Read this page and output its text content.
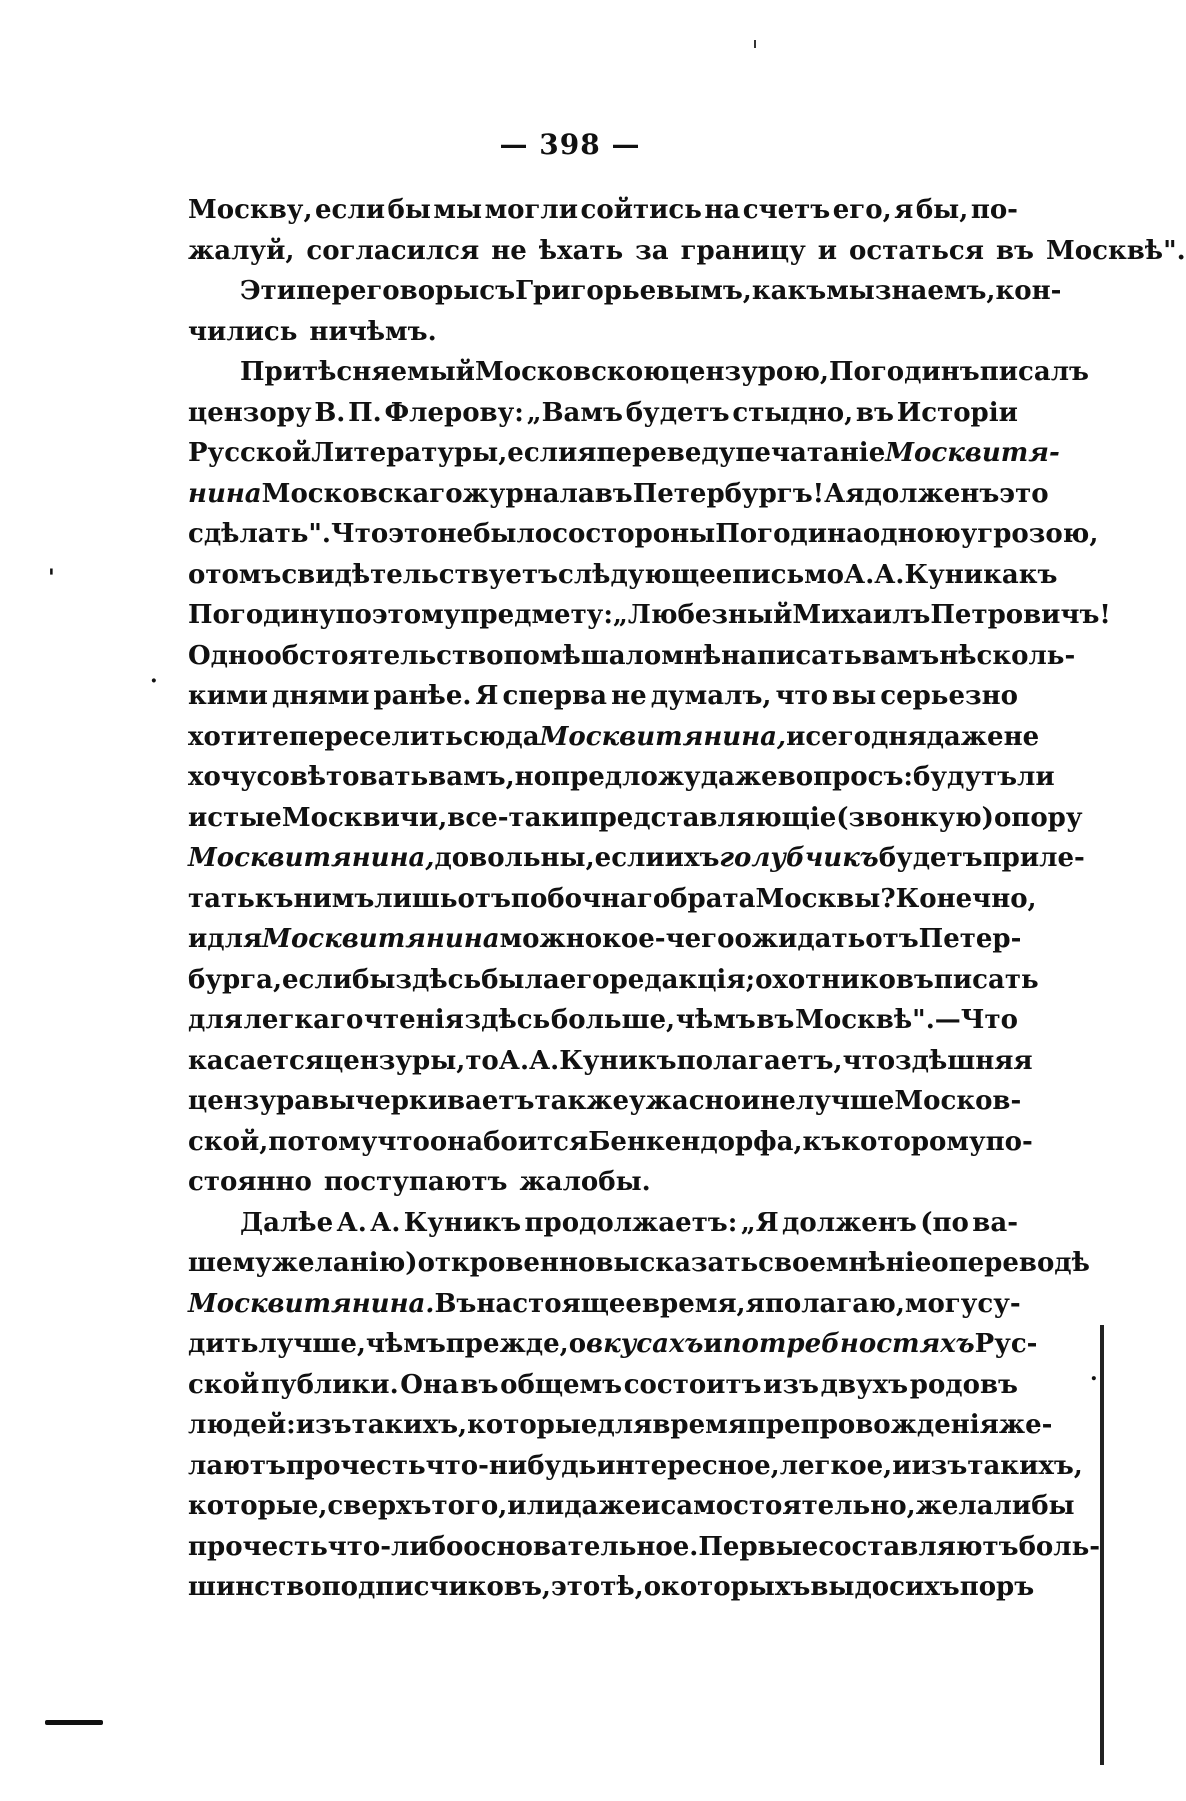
— 398 —
Москву, если бы мы могли сойтись на счетъ его, я бы, по-
жалуй, согласился не ѣхать за границу и остаться въ Москвѣ".
Эти переговоры съ Григорьевымъ, какъ мы знаемъ, кон-
чились ничѣмъ.
Притѣсняемый Московскою цензурою, Погодинъ писалъ
цензору В. П. Флерову: „Вамъ будетъ стыдно, въ Исторіи
Русской Литературы, если я переведу печатаніе Москвитя-
нина Московскаго журнала въ Петербургъ! А я долженъ это
сдѣлать". Что это не было со стороны Погодина одною угрозою,
о томъ свидѣтельствуетъ слѣдующее письмо А. А. Куника къ
Погодину по этому предмету: „Любезный Михаилъ Петровичъ!
Одно обстоятельство помѣшало мнѣ написать вамъ нѣсколь-
кими днями ранѣе. Я сперва не думалъ, что вы серьезно
хотите переселить сюда Москвитянина, и сегодня даже не
хочу совѣтовать вамъ, но предложу даже вопросъ: будутъ ли
истые Москвичи, все-таки представляющіе (звонкую) опору
Москвитянина, довольны, если ихъ голубчикъ будетъ приле-
тать къ нимъ лишь отъ побочнаго брата Москвы? Конечно,
и для Москвитянина можно кое-чего ожидать отъ Петер-
бурга, еслибы здѣсь была его редакція; охотниковъ писать
для легкаго чтенія здѣсь больше, чѣмъ въ Москвѣ".—Что
касается цензуры, то А. А. Куникъ полагаетъ, что здѣшняя
цензура вычеркиваетъ также ужасно и не лучше Москов-
ской, потому что она боится Бенкендорфа, къ которому по-
стоянно поступаютъ жалобы.
Далѣе А. А. Куникъ продолжаетъ: „Я долженъ (по ва-
шему желанію) откровенно высказать свое мнѣніе о переводѣ
Москвитянина. Въ настоящее время, я полагаю, могу су-
дить лучше, чѣмъ прежде, о вкусахъ и потребностяхъ Рус-
ской публики. Она въ общемъ состоитъ изъ двухъ родовъ
людей: изъ такихъ, которые для времяпрепровожденія же-
лаютъ прочесть что-нибудь интересное, легкое, и изъ такихъ,
которые, сверхъ того, или даже и самостоятельно, желали бы
прочесть что-либо основательное. Первые составляютъ боль-
шинство подписчиковъ, это тѣ, о которыхъ вы до сихъ поръ
'
·
.
